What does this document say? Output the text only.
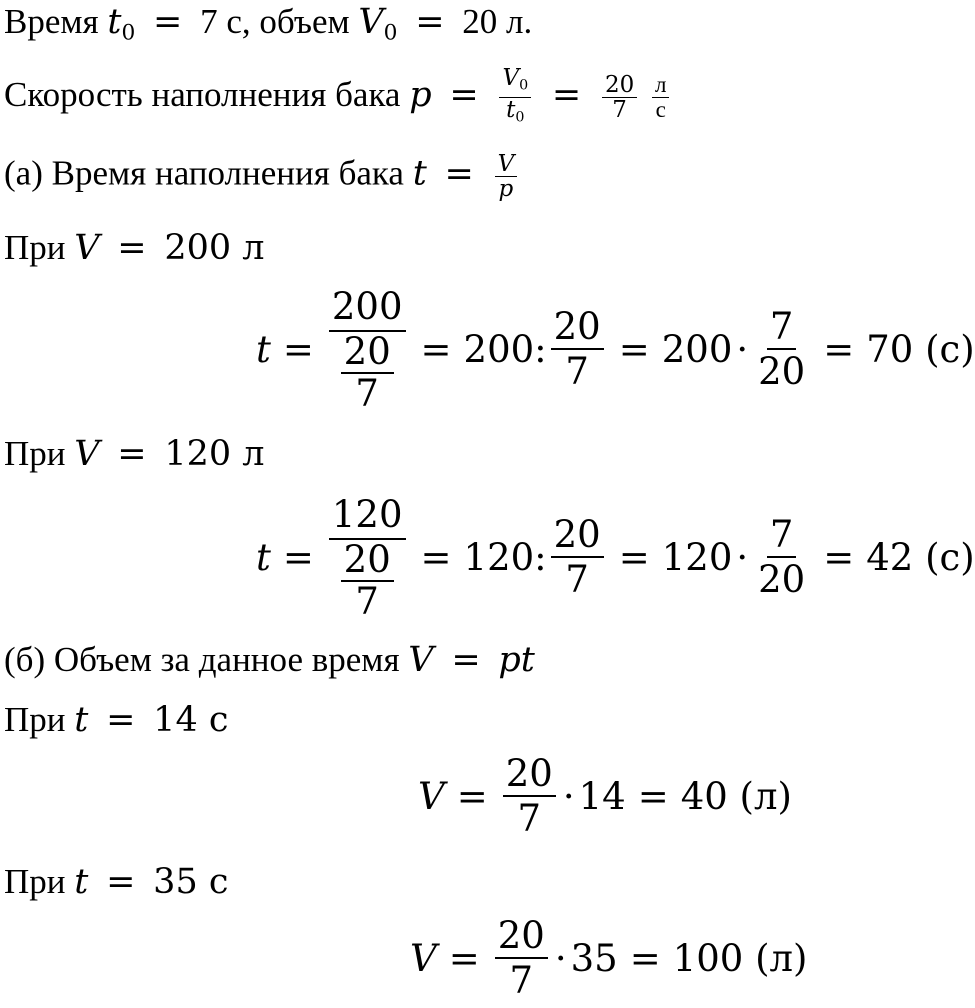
Время $t_0 = 7$ с, объем $V_0 = 20$ л.
Скорость наполнения бака $p = \frac{V_0}{t_0} = \frac{20}{7}$
$\frac{л}{с}$
(а) Время наполнения бака $t = \frac{V}{p}$
При V = 200 л
$t = \frac{200}{\frac{20}{7}} = 200$ : $\frac{20}{7} = 200 \cdot \frac{7}{20} = 70$ (с)
При V = 120 л
$t = \frac{120}{\frac{20}{7}} = 120$ : $\frac{20}{7} = 120 \cdot \frac{7}{20} = 42$ (с)
(б) Объем за данное время V = pt
При t = 14 с
$V = \frac{20}{7} \cdot 14 = 40$ (л)
При t = 35 с
$V = \frac{20}{7} \cdot 35 = 100$ (л)
